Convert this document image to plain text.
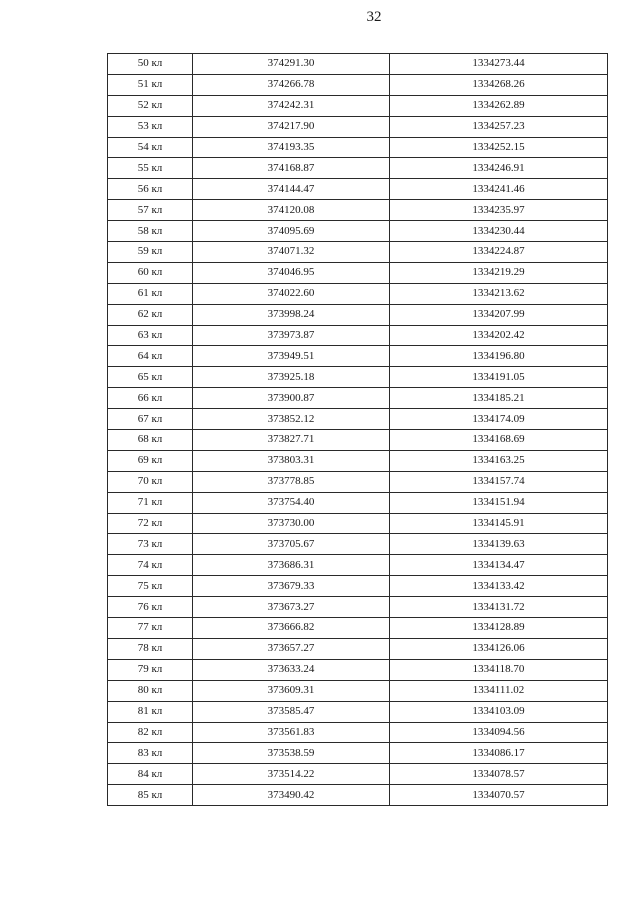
32
50 кл	374291.30	1334273.44
51 кл	374266.78	1334268.26
52 кл	374242.31	1334262.89
53 кл	374217.90	1334257.23
54 кл	374193.35	1334252.15
55 кл	374168.87	1334246.91
56 кл	374144.47	1334241.46
57 кл	374120.08	1334235.97
58 кл	374095.69	1334230.44
59 кл	374071.32	1334224.87
60 кл	374046.95	1334219.29
61 кл	374022.60	1334213.62
62 кл	373998.24	1334207.99
63 кл	373973.87	1334202.42
64 кл	373949.51	1334196.80
65 кл	373925.18	1334191.05
66 кл	373900.87	1334185.21
67 кл	373852.12	1334174.09
68 кл	373827.71	1334168.69
69 кл	373803.31	1334163.25
70 кл	373778.85	1334157.74
71 кл	373754.40	1334151.94
72 кл	373730.00	1334145.91
73 кл	373705.67	1334139.63
74 кл	373686.31	1334134.47
75 кл	373679.33	1334133.42
76 кл	373673.27	1334131.72
77 кл	373666.82	1334128.89
78 кл	373657.27	1334126.06
79 кл	373633.24	1334118.70
80 кл	373609.31	1334111.02
81 кл	373585.47	1334103.09
82 кл	373561.83	1334094.56
83 кл	373538.59	1334086.17
84 кл	373514.22	1334078.57
85 кл	373490.42	1334070.57
